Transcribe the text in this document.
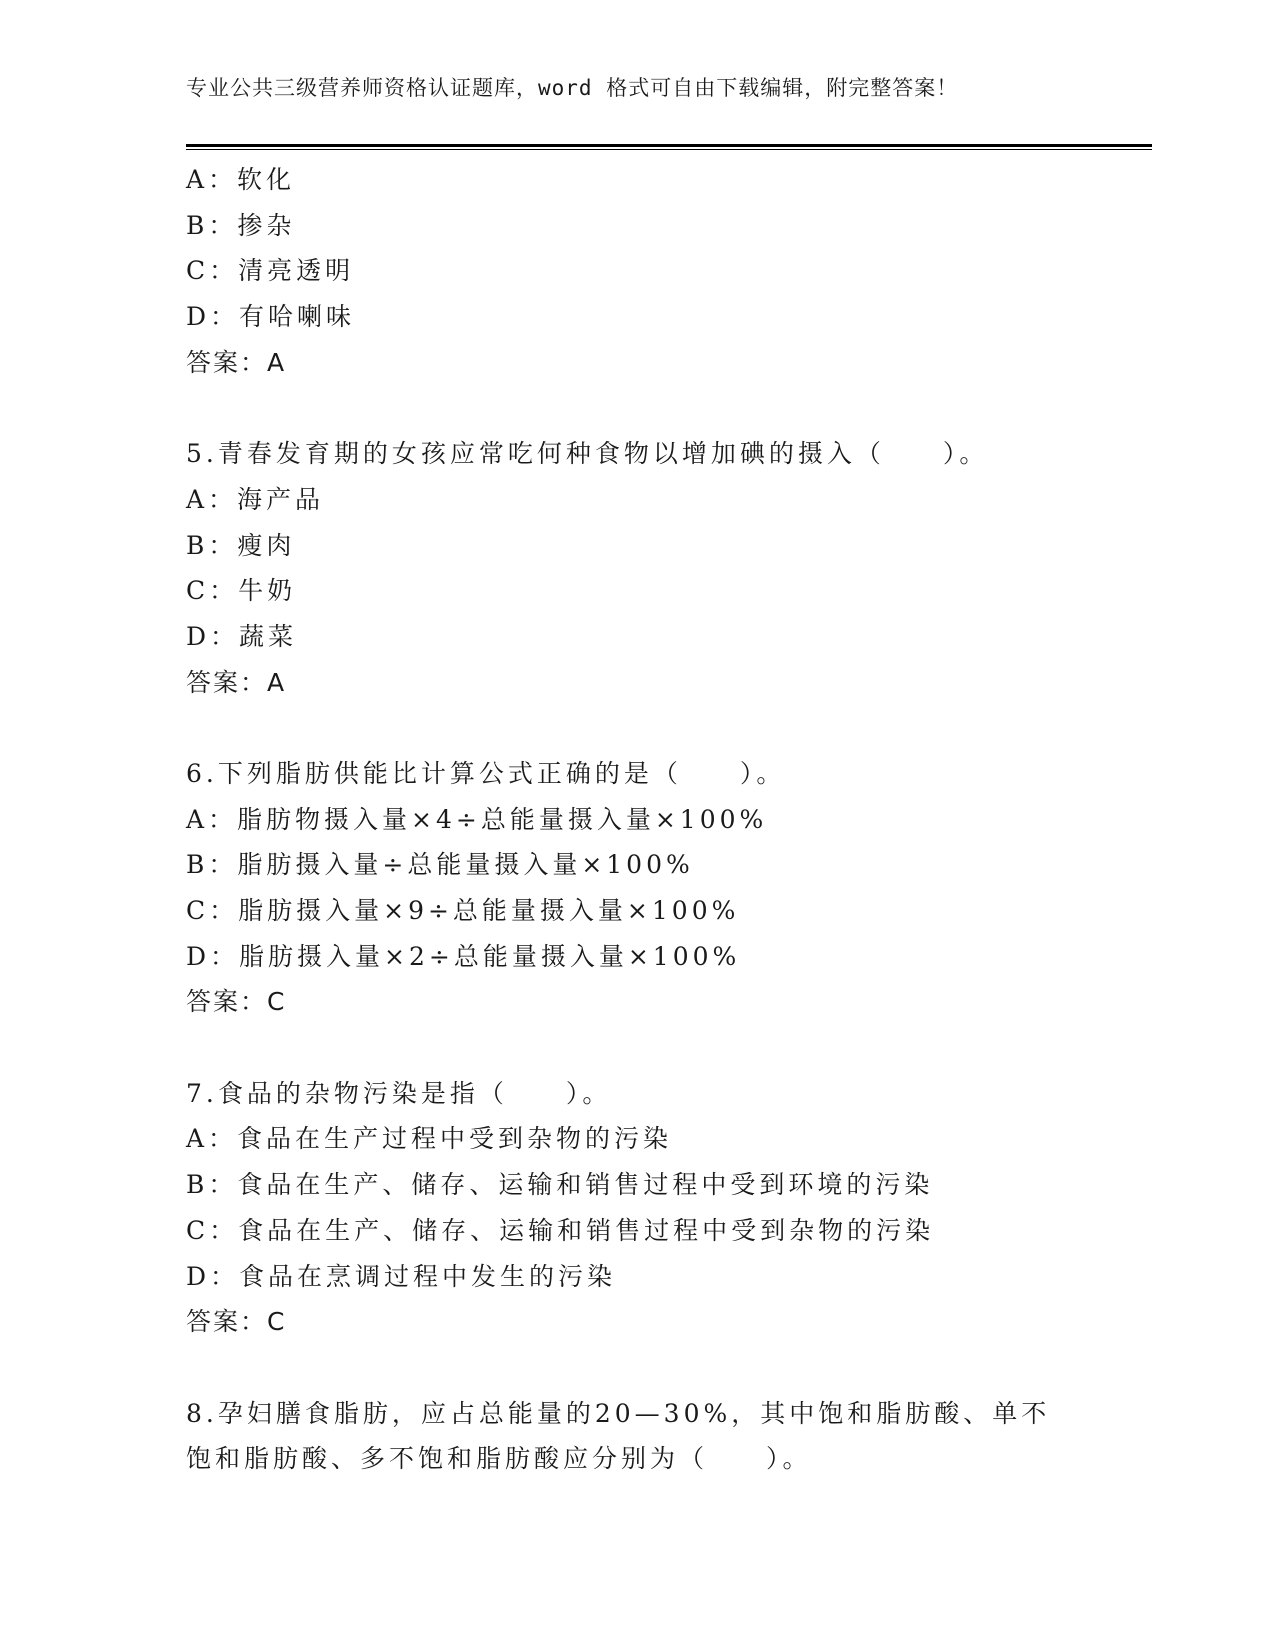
专业公共三级营养师资格认证题库，word 格式可自由下载编辑，附完整答案！
A：软化
B：掺杂
C：清亮透明
D：有哈喇味
答案：A
5.青春发育期的女孩应常吃何种食物以增加碘的摄入（　　）。
A：海产品
B：瘦肉
C：牛奶
D：蔬菜
答案：A
6.下列脂肪供能比计算公式正确的是（　　）。
A：脂肪物摄入量×4÷总能量摄入量×100%
B：脂肪摄入量÷总能量摄入量×100%
C：脂肪摄入量×9÷总能量摄入量×100%
D：脂肪摄入量×2÷总能量摄入量×100%
答案：C
7.食品的杂物污染是指（　　）。
A：食品在生产过程中受到杂物的污染
B：食品在生产、储存、运输和销售过程中受到环境的污染
C：食品在生产、储存、运输和销售过程中受到杂物的污染
D：食品在烹调过程中发生的污染
答案：C
8.孕妇膳食脂肪，应占总能量的20—30%，其中饱和脂肪酸、单不饱和脂肪酸、多不饱和脂肪酸应分别为（　　）。
